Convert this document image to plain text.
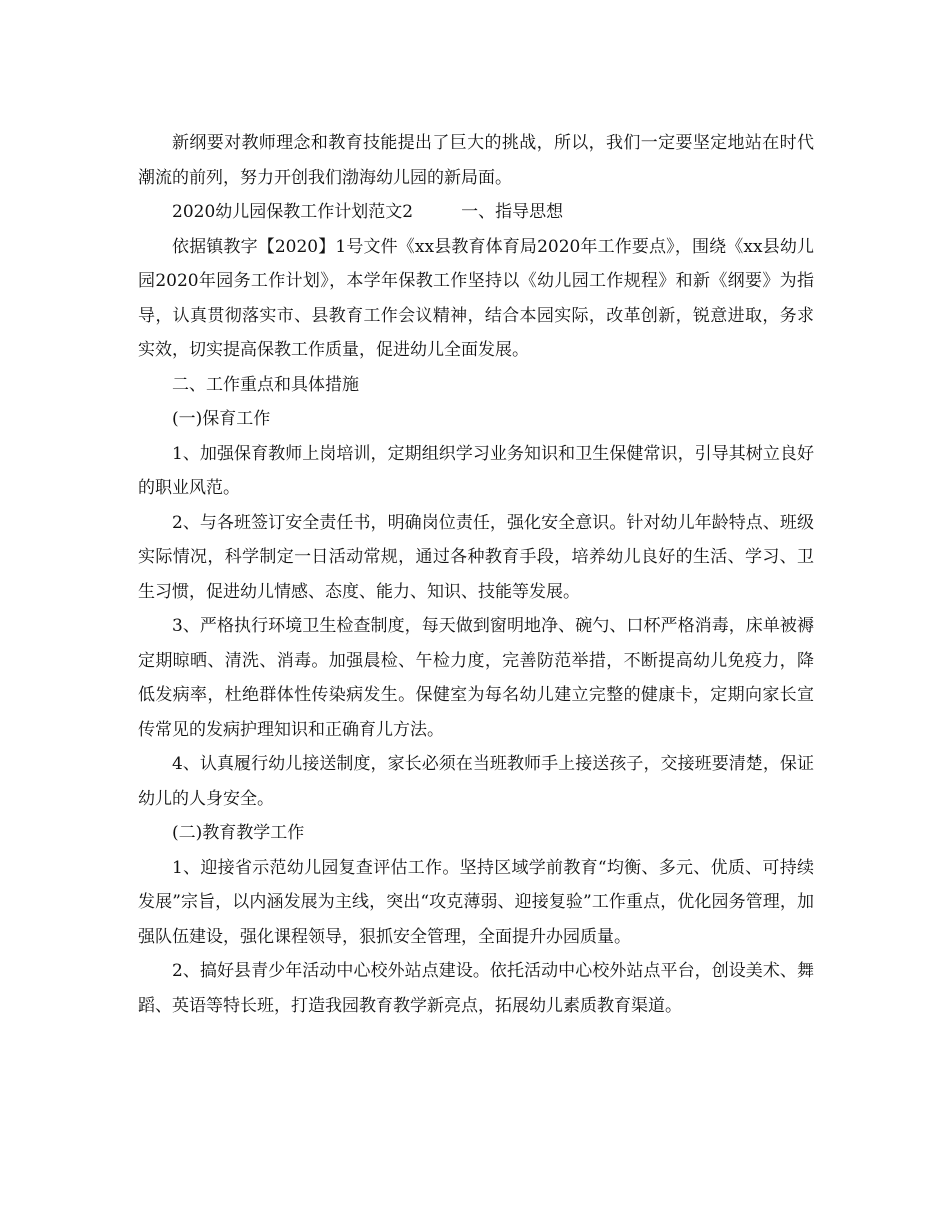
新纲要对教师理念和教育技能提出了巨大的挑战，所以，我们一定要坚定地站在时代潮流的前列，努力开创我们渤海幼儿园的新局面。

2020幼儿园保教工作计划范文2	一、指导思想

依据镇教字【2020】1号文件《xx县教育体育局2020年工作要点》，围绕《xx县幼儿园2020年园务工作计划》，本学年保教工作坚持以《幼儿园工作规程》和新《纲要》为指导，认真贯彻落实市、县教育工作会议精神，结合本园实际，改革创新，锐意进取，务求实效，切实提高保教工作质量，促进幼儿全面发展。

二、工作重点和具体措施

(一)保育工作

1、加强保育教师上岗培训，定期组织学习业务知识和卫生保健常识，引导其树立良好的职业风范。

2、与各班签订安全责任书，明确岗位责任，强化安全意识。针对幼儿年龄特点、班级实际情况，科学制定一日活动常规，通过各种教育手段，培养幼儿良好的生活、学习、卫生习惯，促进幼儿情感、态度、能力、知识、技能等发展。

3、严格执行环境卫生检查制度，每天做到窗明地净、碗勺、口杯严格消毒，床单被褥定期晾晒、清洗、消毒。加强晨检、午检力度，完善防范举措，不断提高幼儿免疫力，降低发病率，杜绝群体性传染病发生。保健室为每名幼儿建立完整的健康卡，定期向家长宣传常见的发病护理知识和正确育儿方法。

4、认真履行幼儿接送制度，家长必须在当班教师手上接送孩子，交接班要清楚，保证幼儿的人身安全。

(二)教育教学工作

1、迎接省示范幼儿园复查评估工作。坚持区域学前教育“均衡、多元、优质、可持续发展”宗旨，以内涵发展为主线，突出“攻克薄弱、迎接复验”工作重点，优化园务管理，加强队伍建设，强化课程领导，狠抓安全管理，全面提升办园质量。

2、搞好县青少年活动中心校外站点建设。依托活动中心校外站点平台，创设美术、舞蹈、英语等特长班，打造我园教育教学新亮点，拓展幼儿素质教育渠道。
